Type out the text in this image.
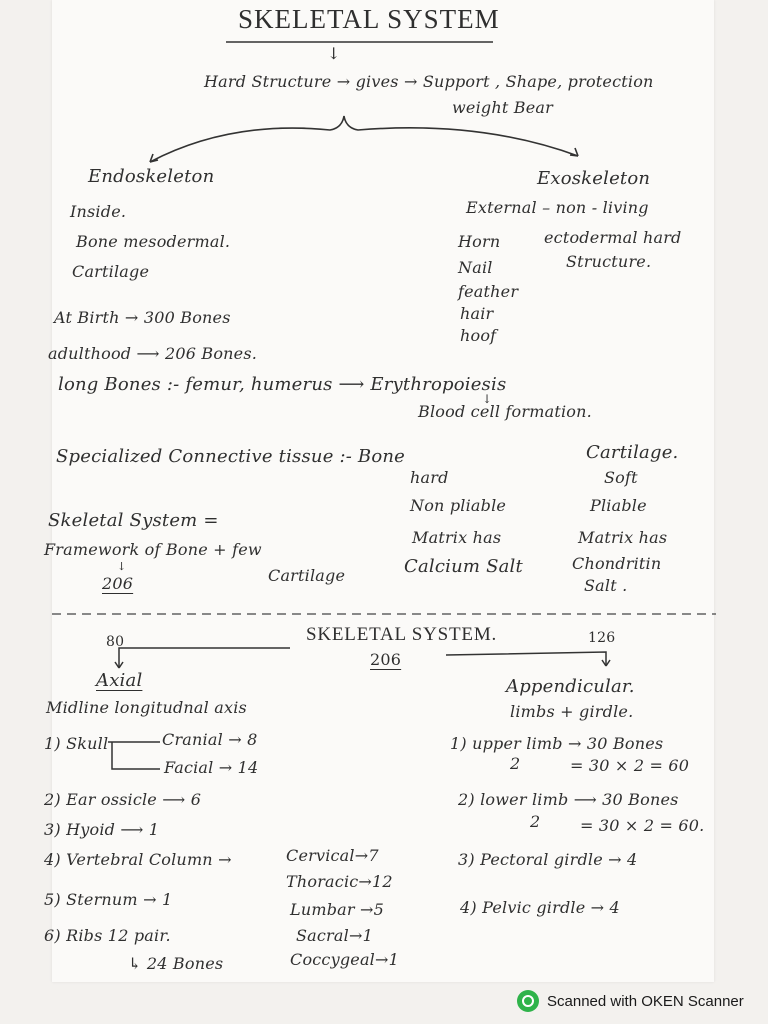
SKELETAL SYSTEM
↓
Hard Structure → gives → Support , Shape, protection
weight Bear
Endoskeleton
Inside.
Bone mesodermal.
Cartilage
Exoskeleton
External – non - living
Horn
Nail
feather
hair
hoof
ectodermal hard
Structure.
At Birth → 300 Bones
adulthood ⟶ 206 Bones.
long Bones :- femur, humerus ⟶ Erythropoiesis
↓
Blood cell formation.
Specialized Connective tissue :- Bone
hard
Non pliable
Matrix has
Calcium Salt
Cartilage.
Soft
Pliable
Matrix has
Chondritin
Salt .
Skeletal System =
Framework of Bone + few
↓
206	Cartilage
SKELETAL SYSTEM.
206
80	126
Axial
Midline longitudnal axis
1) Skull	Cranial → 8
Facial → 14
2) Ear ossicle ⟶ 6
3) Hyoid ⟶ 1
4) Vertebral Column →	Cervical→7
Thoracic→12
5) Sternum → 1
Lumbar →5
6) Ribs 12 pair.	Sacral→1
↳ 24 Bones	Coccygeal→1
Appendicular.
limbs + girdle.
1) upper limb → 30 Bones
2	= 30 × 2 = 60
2) lower limb ⟶ 30 Bones
2 = 30 × 2 = 60.
3) Pectoral girdle → 4
4) Pelvic girdle → 4
Scanned with OKEN Scanner
